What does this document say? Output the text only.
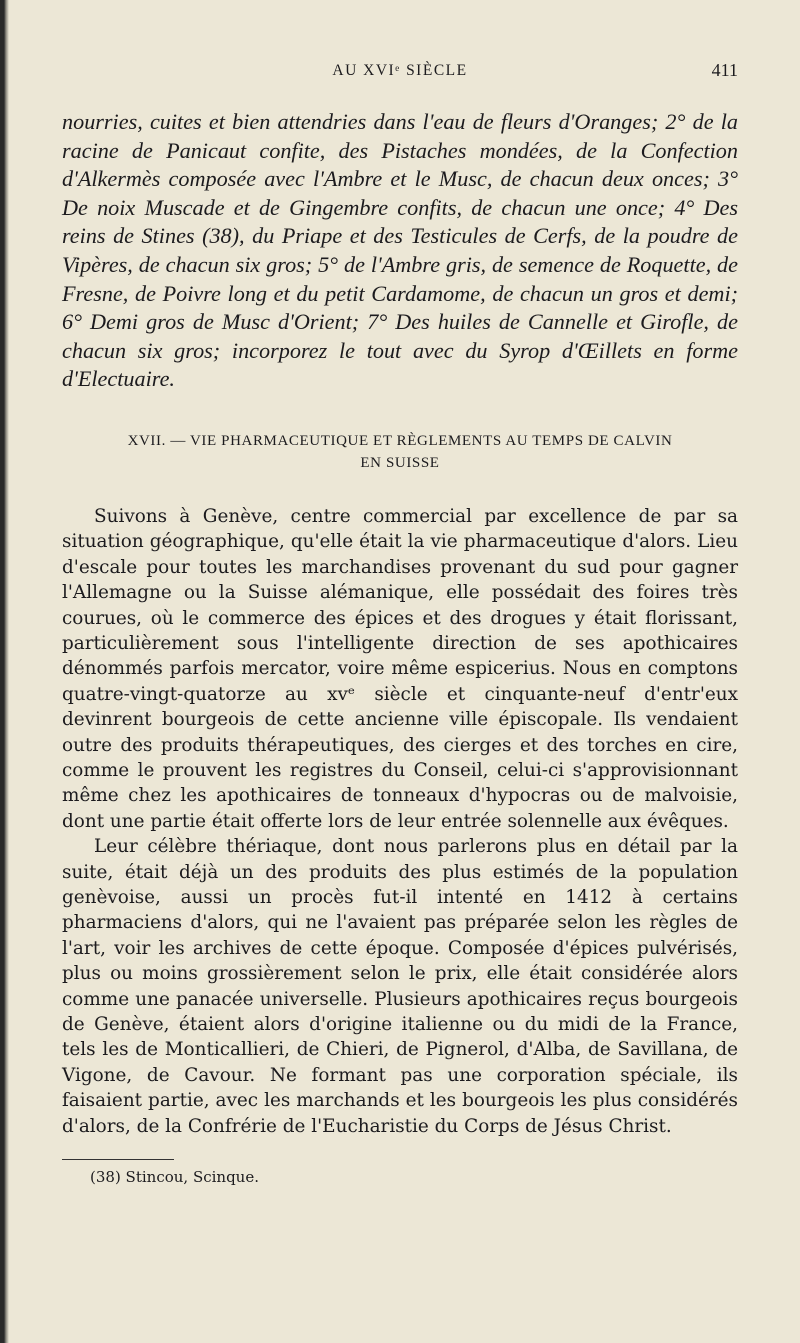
AU XVIᵉ SIÈCLE	411

nourries, cuites et bien attendries dans l'eau de fleurs d'Oranges; 2° de la racine de Panicaut confite, des Pistaches mondées, de la Confection d'Alkermès composée avec l'Ambre et le Musc, de chacun deux onces; 3° De noix Muscade et de Gingembre confits, de chacun une once; 4° Des reins de Stines (38), du Priape et des Testicules de Cerfs, de la poudre de Vipères, de chacun six gros; 5° de l'Ambre gris, de semence de Roquette, de Fresne, de Poivre long et du petit Cardamome, de chacun un gros et demi; 6° Demi gros de Musc d'Orient; 7° Des huiles de Cannelle et Girofle, de chacun six gros; incorporez le tout avec du Syrop d'Œillets en forme d'Electuaire.

XVII. — VIE PHARMACEUTIQUE ET RÈGLEMENTS AU TEMPS DE CALVIN
EN SUISSE

Suivons à Genève, centre commercial par excellence de par sa situation géographique, qu'elle était la vie pharmaceutique d'alors. Lieu d'escale pour toutes les marchandises provenant du sud pour gagner l'Allemagne ou la Suisse alémanique, elle possédait des foires très courues, où le commerce des épices et des drogues y était florissant, particulièrement sous l'intelligente direction de ses apothicaires dénommés parfois mercator, voire même espicerius. Nous en comptons quatre-vingt-quatorze au xvᵉ siècle et cinquante-neuf d'entr'eux devinrent bourgeois de cette ancienne ville épiscopale. Ils vendaient outre des produits thérapeutiques, des cierges et des torches en cire, comme le prouvent les registres du Conseil, celui-ci s'approvisionnant même chez les apothicaires de tonneaux d'hypocras ou de malvoisie, dont une partie était offerte lors de leur entrée solennelle aux évêques.

Leur célèbre thériaque, dont nous parlerons plus en détail par la suite, était déjà un des produits des plus estimés de la population genèvoise, aussi un procès fut-il intenté en 1412 à certains pharmaciens d'alors, qui ne l'avaient pas préparée selon les règles de l'art, voir les archives de cette époque. Composée d'épices pulvérisés, plus ou moins grossièrement selon le prix, elle était considérée alors comme une panacée universelle. Plusieurs apothicaires reçus bourgeois de Genève, étaient alors d'origine italienne ou du midi de la France, tels les de Monticallieri, de Chieri, de Pignerol, d'Alba, de Savillana, de Vigone, de Cavour. Ne formant pas une corporation spéciale, ils faisaient partie, avec les marchands et les bourgeois les plus considérés d'alors, de la Confrérie de l'Eucharistie du Corps de Jésus Christ.

(38) Stincou, Scinque.
